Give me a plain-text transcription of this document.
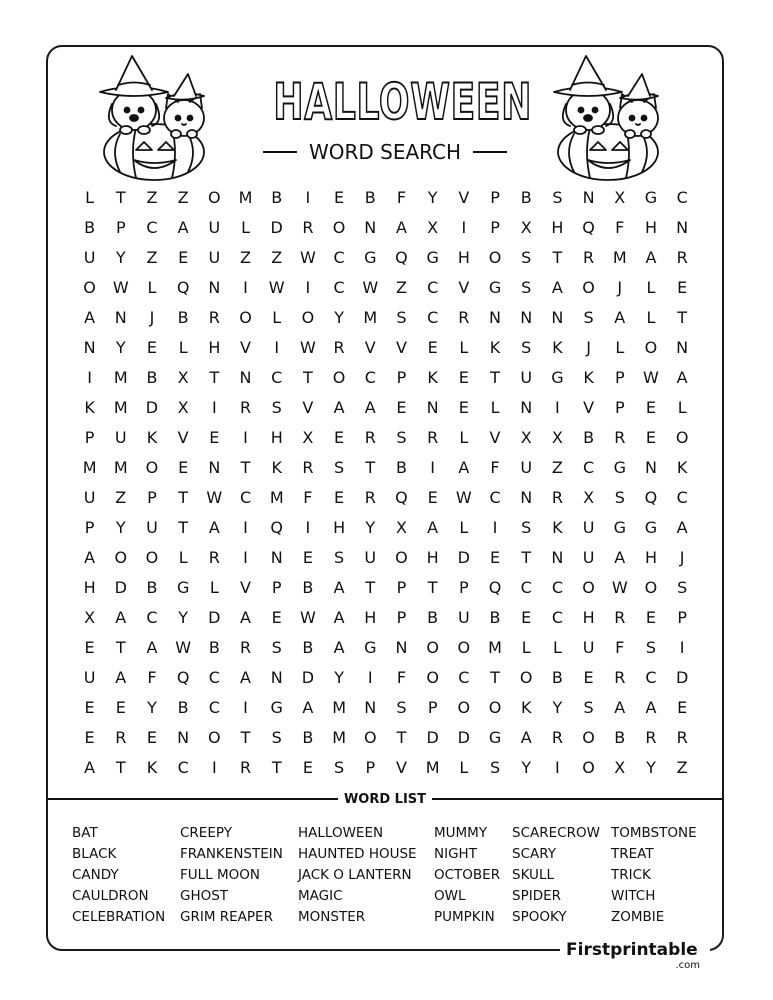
HALLOWEEN
WORD SEARCH
L	T	Z	Z	O	M	B	I	E	B	F	Y	V	P	B	S	N	X	G	C
B	P	C	A	U	L	D	R	O	N	A	X	I	P	X	H	Q	F	H	N
U	Y	Z	E	U	Z	Z	W	C	G	Q	G	H	O	S	T	R	M	A	R
O	W	L	Q	N	I	W	I	C	W	Z	C	V	G	S	A	O	J	L	E
A	N	J	B	R	O	L	O	Y	M	S	C	R	N	N	N	S	A	L	T
N	Y	E	L	H	V	I	W	R	V	V	E	L	K	S	K	J	L	O	N
I	M	B	X	T	N	C	T	O	C	P	K	E	T	U	G	K	P	W	A
K	M	D	X	I	R	S	V	A	A	E	N	E	L	N	I	V	P	E	L
P	U	K	V	E	I	H	X	E	R	S	R	L	V	X	X	B	R	E	O
M	M	O	E	N	T	K	R	S	T	B	I	A	F	U	Z	C	G	N	K
U	Z	P	T	W	C	M	F	E	R	Q	E	W	C	N	R	X	S	Q	C
P	Y	U	T	A	I	Q	I	H	Y	X	A	L	I	S	K	U	G	G	A
A	O	O	L	R	I	N	E	S	U	O	H	D	E	T	N	U	A	H	J
H	D	B	G	L	V	P	B	A	T	P	T	P	Q	C	C	O	W	O	S
X	A	C	Y	D	A	E	W	A	H	P	B	U	B	E	C	H	R	E	P
E	T	A	W	B	R	S	B	A	G	N	O	O	M	L	L	U	F	S	I
U	A	F	Q	C	A	N	D	Y	I	F	O	C	T	O	B	E	R	C	D
E	E	Y	B	C	I	G	A	M	N	S	P	O	O	K	Y	S	A	A	E
E	R	E	N	O	T	S	B	M	O	T	D	D	G	A	R	O	B	R	R
A	T	K	C	I	R	T	E	S	P	V	M	L	S	Y	I	O	X	Y	Z
WORD LIST
BAT
BLACK
CANDY
CAULDRON
CELEBRATION
CREEPY
FRANKENSTEIN
FULL MOON
GHOST
GRIM REAPER
HALLOWEEN
HAUNTED HOUSE
JACK O LANTERN
MAGIC
MONSTER
MUMMY
NIGHT
OCTOBER
OWL
PUMPKIN
SCARECROW
SCARY
SKULL
SPIDER
SPOOKY
TOMBSTONE
TREAT
TRICK
WITCH
ZOMBIE
Firstprintable
.com
